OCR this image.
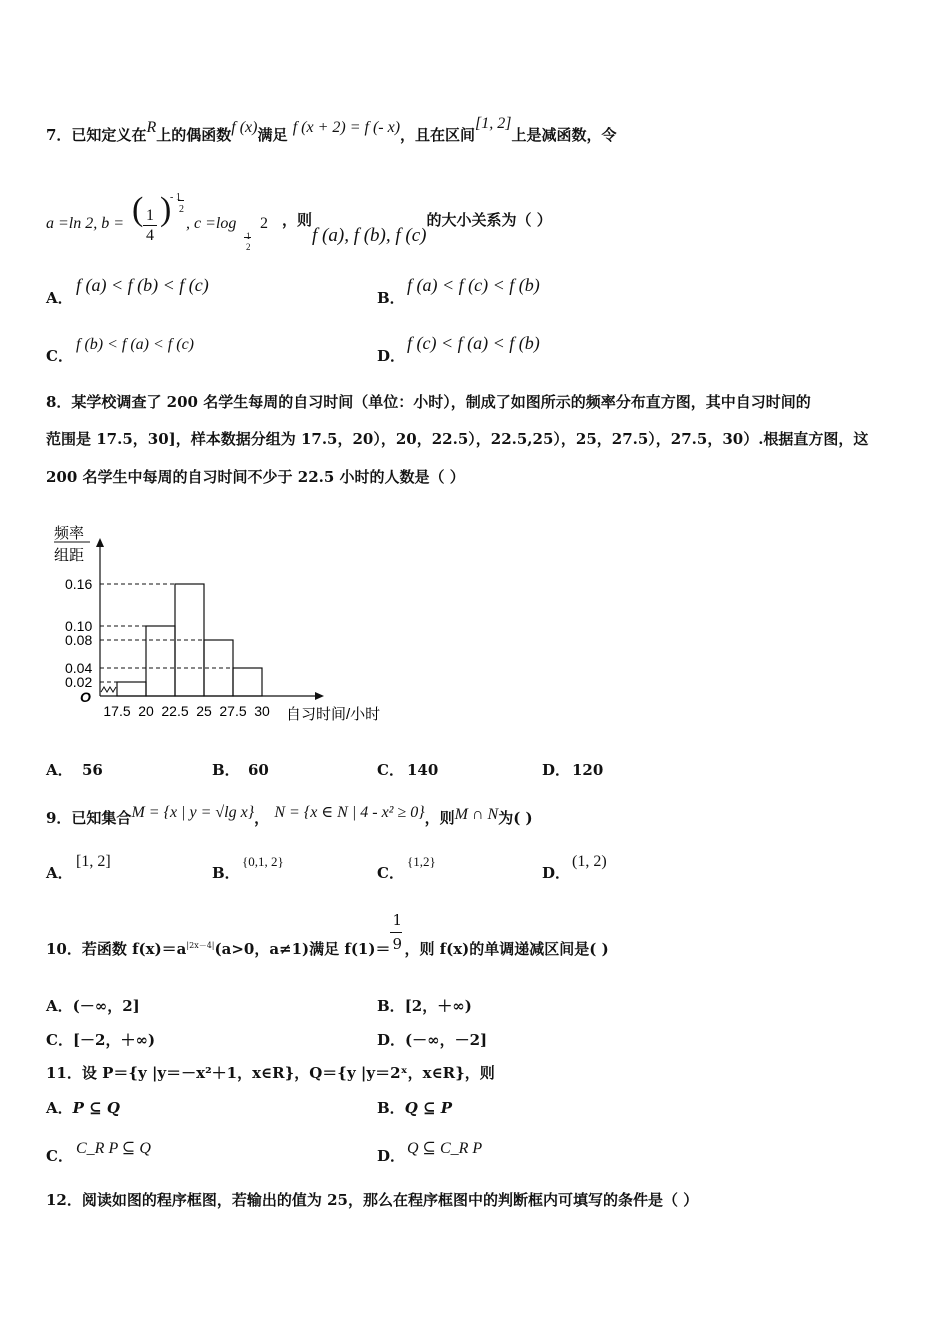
7．已知定义在R上的偶函数f (x)满足 f (x + 2) = f (- x)，且在区间[1, 2]上是减函数，令
a =ln 2, b = ( 1
4
)
- 1
2
, c =log
1
2
2 ，则f (a), f (b), f (c)的大小关系为（ ）
A．f (a) < f (b) < f (c)
B．f (a) < f (c) < f (b)
C．f (b) < f (a) < f (c)
D．f (c) < f (a) < f (b)
8．某学校调查了 200 名学生每周的自习时间（单位：小时），制成了如图所示的频率分布直方图，其中自习时间的
范围是 17.5，30]，样本数据分组为 17.5，20），20，22.5），22.5,25），25，27.5），27.5，30）.根据直方图，这
200 名学生中每周的自习时间不少于 22.5 小时的人数是（ ）
频率
组距
O
0.16
0.10
0.08
0.04
0.02
17.5 20 22.5 25 27.5 30 自习时间/小时
A． 56	B． 60	C． 140	D． 120
9．已知集合M = {x | y = √lg x}， N = {x ∈ N | 4 - x² ≥ 0}，则M ∩ N为( )
A．[1, 2]
B．{0,1, 2}
C．{1,2}
D．(1, 2)
10．若函数 $f(x)=a^{|2x-4|}(a>0$，a≠1)满足 $f(1)= \frac{1}{9}$ ，则 f(x)的单调递减区间是( )
A．(－∞，2]	B．[2，＋∞)
C．[－2，＋∞)	D．(－∞，－2]
11．设 P＝{y |y＝－x²＋1，x∈R}，Q＝{y |y＝2ˣ，x∈R}，则
A．P ⊆ Q	B．Q ⊆ P
C． C_R P ⊆ Q	D． Q ⊆ C_R P
12．阅读如图的程序框图，若输出的值为 25，那么在程序框图中的判断框内可填写的条件是（ ）
